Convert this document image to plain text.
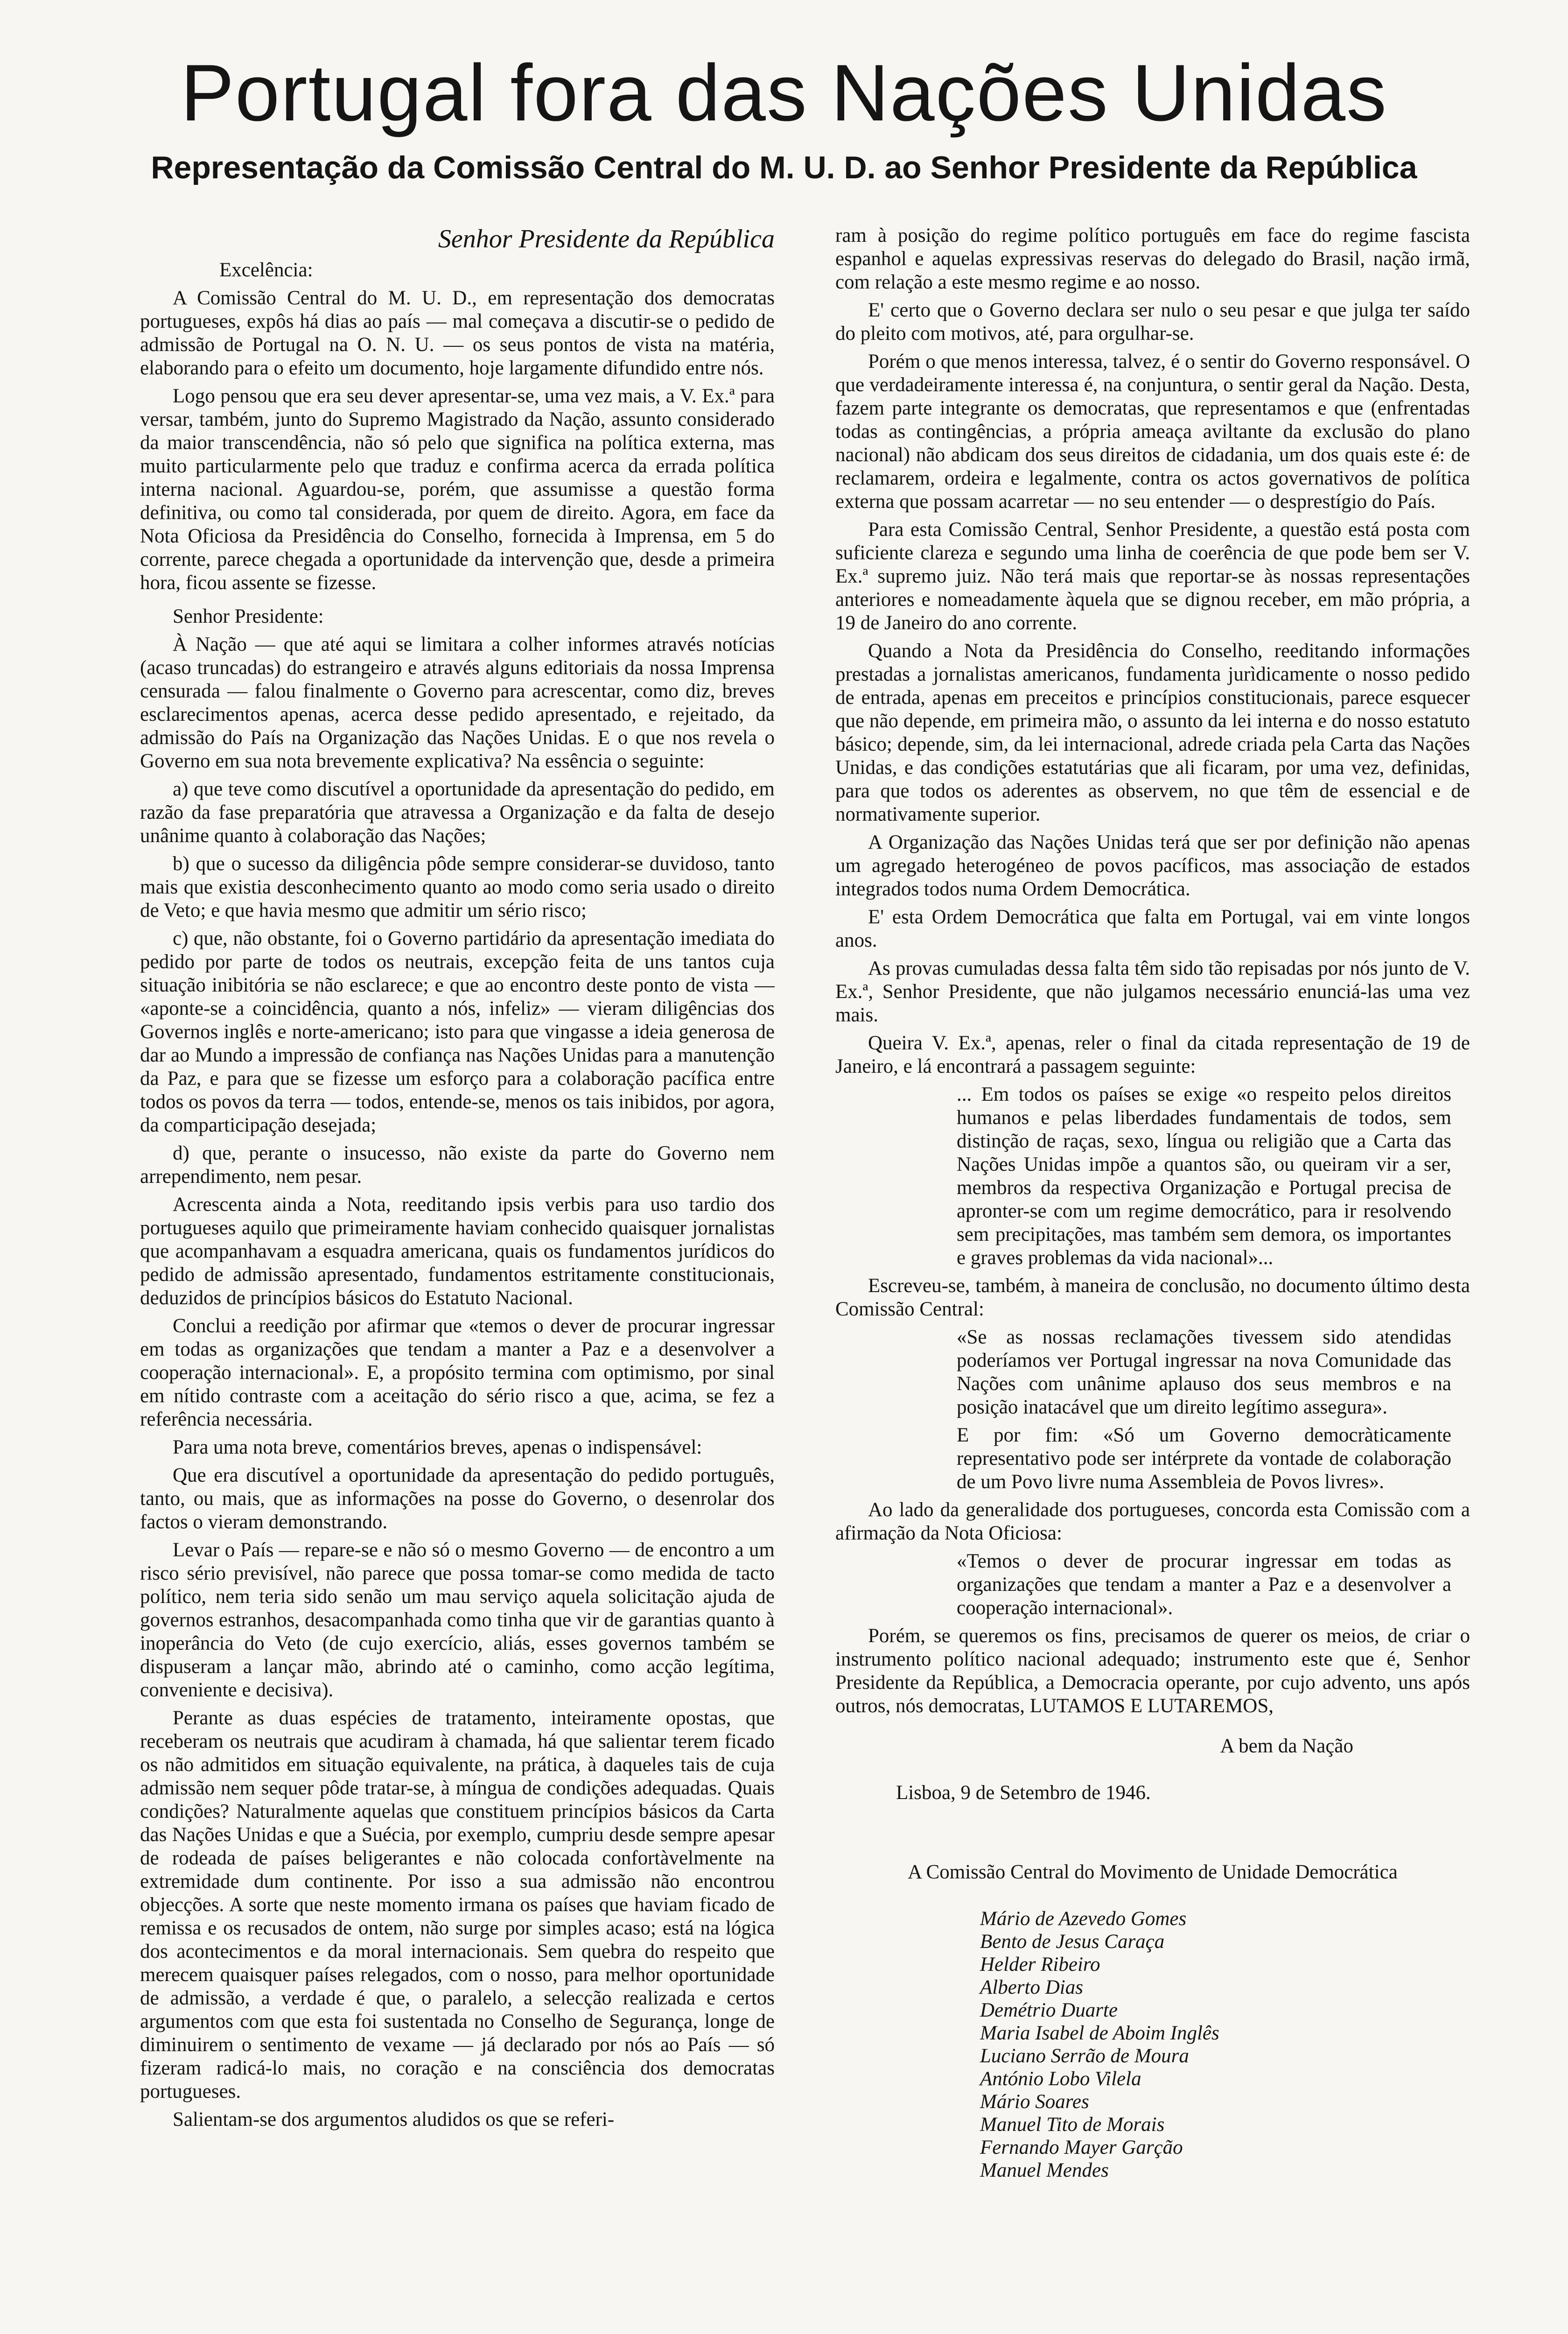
Portugal fora das Nações Unidas
Representação da Comissão Central do M. U. D. ao Senhor Presidente da República

Senhor Presidente da República

Excelência:

A Comissão Central do M. U. D., em representação dos democratas portugueses, expôs há dias ao país — mal começava a discutir-se o pedido de admissão de Portugal na O. N. U. — os seus pontos de vista na matéria, elaborando para o efeito um documento, hoje largamente difundido entre nós.

Logo pensou que era seu dever apresentar-se, uma vez mais, a V. Ex.ª para versar, também, junto do Supremo Magistrado da Nação, assunto considerado da maior transcendência, não só pelo que significa na política externa, mas muito particularmente pelo que traduz e confirma acerca da errada política interna nacional. Aguardou-se, porém, que assumisse a questão forma definitiva, ou como tal considerada, por quem de direito. Agora, em face da Nota Oficiosa da Presidência do Conselho, fornecida à Imprensa, em 5 do corrente, parece chegada a oportunidade da intervenção que, desde a primeira hora, ficou assente se fizesse.

Senhor Presidente:

À Nação — que até aqui se limitara a colher informes através notícias (acaso truncadas) do estrangeiro e através alguns editoriais da nossa Imprensa censurada — falou finalmente o Governo para acrescentar, como diz, breves esclarecimentos apenas, acerca desse pedido apresentado, e rejeitado, da admissão do País na Organização das Nações Unidas. E o que nos revela o Governo em sua nota brevemente explicativa? Na essência o seguinte:

a) que teve como discutível a oportunidade da apresentação do pedido, em razão da fase preparatória que atravessa a Organização e da falta de desejo unânime quanto à colaboração das Nações;

b) que o sucesso da diligência pôde sempre considerar-se duvidoso, tanto mais que existia desconhecimento quanto ao modo como seria usado o direito de Veto; e que havia mesmo que admitir um sério risco;

c) que, não obstante, foi o Governo partidário da apresentação imediata do pedido por parte de todos os neutrais, excepção feita de uns tantos cuja situação inibitória se não esclarece; e que ao encontro deste ponto de vista — «aponte-se a coincidência, quanto a nós, infeliz» — vieram diligências dos Governos inglês e norte-americano; isto para que vingasse a ideia generosa de dar ao Mundo a impressão de confiança nas Nações Unidas para a manutenção da Paz, e para que se fizesse um esforço para a colaboração pacífica entre todos os povos da terra — todos, entende-se, menos os tais inibidos, por agora, da comparticipação desejada;

d) que, perante o insucesso, não existe da parte do Governo nem arrependimento, nem pesar.

Acrescenta ainda a Nota, reeditando ipsis verbis para uso tardio dos portugueses aquilo que primeiramente haviam conhecido quaisquer jornalistas que acompanhavam a esquadra americana, quais os fundamentos jurídicos do pedido de admissão apresentado, fundamentos estritamente constitucionais, deduzidos de princípios básicos do Estatuto Nacional.

Conclui a reedição por afirmar que «temos o dever de procurar ingressar em todas as organizações que tendam a manter a Paz e a desenvolver a cooperação internacional». E, a propósito termina com optimismo, por sinal em nítido contraste com a aceitação do sério risco a que, acima, se fez a referência necessária.

Para uma nota breve, comentários breves, apenas o indispensável:

Que era discutível a oportunidade da apresentação do pedido português, tanto, ou mais, que as informações na posse do Governo, o desenrolar dos factos o vieram demonstrando.

Levar o País — repare-se e não só o mesmo Governo — de encontro a um risco sério previsível, não parece que possa tomar-se como medida de tacto político, nem teria sido senão um mau serviço aquela solicitação ajuda de governos estranhos, desacompanhada como tinha que vir de garantias quanto à inoperância do Veto (de cujo exercício, aliás, esses governos também se dispuseram a lançar mão, abrindo até o caminho, como acção legítima, conveniente e decisiva).

Perante as duas espécies de tratamento, inteiramente opostas, que receberam os neutrais que acudiram à chamada, há que salientar terem ficado os não admitidos em situação equivalente, na prática, à daqueles tais de cuja admissão nem sequer pôde tratar-se, à míngua de condições adequadas. Quais condições? Naturalmente aquelas que constituem princípios básicos da Carta das Nações Unidas e que a Suécia, por exemplo, cumpriu desde sempre apesar de rodeada de países beligerantes e não colocada confortàvelmente na extremidade dum continente. Por isso a sua admissão não encontrou objecções. A sorte que neste momento irmana os países que haviam ficado de remissa e os recusados de ontem, não surge por simples acaso; está na lógica dos acontecimentos e da moral internacionais. Sem quebra do respeito que merecem quaisquer países relegados, com o nosso, para melhor oportunidade de admissão, a verdade é que, o paralelo, a selecção realizada e certos argumentos com que esta foi sustentada no Conselho de Segurança, longe de diminuirem o sentimento de vexame — já declarado por nós ao País — só fizeram radicá-lo mais, no coração e na consciência dos democratas portugueses.

Salientam-se dos argumentos aludidos os que se referi-

ram à posição do regime político português em face do regime fascista espanhol e aquelas expressivas reservas do delegado do Brasil, nação irmã, com relação a este mesmo regime e ao nosso.

E' certo que o Governo declara ser nulo o seu pesar e que julga ter saído do pleito com motivos, até, para orgulhar-se.

Porém o que menos interessa, talvez, é o sentir do Governo responsável. O que verdadeiramente interessa é, na conjuntura, o sentir geral da Nação. Desta, fazem parte integrante os democratas, que representamos e que (enfrentadas todas as contingências, a própria ameaça aviltante da exclusão do plano nacional) não abdicam dos seus direitos de cidadania, um dos quais este é: de reclamarem, ordeira e legalmente, contra os actos governativos de política externa que possam acarretar — no seu entender — o desprestígio do País.

Para esta Comissão Central, Senhor Presidente, a questão está posta com suficiente clareza e segundo uma linha de coerência de que pode bem ser V. Ex.ª supremo juiz. Não terá mais que reportar-se às nossas representações anteriores e nomeadamente àquela que se dignou receber, em mão própria, a 19 de Janeiro do ano corrente.

Quando a Nota da Presidência do Conselho, reeditando informações prestadas a jornalistas americanos, fundamenta jurìdicamente o nosso pedido de entrada, apenas em preceitos e princípios constitucionais, parece esquecer que não depende, em primeira mão, o assunto da lei interna e do nosso estatuto básico; depende, sim, da lei internacional, adrede criada pela Carta das Nações Unidas, e das condições estatutárias que ali ficaram, por uma vez, definidas, para que todos os aderentes as observem, no que têm de essencial e de normativamente superior.

A Organização das Nações Unidas terá que ser por definição não apenas um agregado heterogéneo de povos pacíficos, mas associação de estados integrados todos numa Ordem Democrática.

E' esta Ordem Democrática que falta em Portugal, vai em vinte longos anos.

As provas cumuladas dessa falta têm sido tão repisadas por nós junto de V. Ex.ª, Senhor Presidente, que não julgamos necessário enunciá-las uma vez mais.

Queira V. Ex.ª, apenas, reler o final da citada representação de 19 de Janeiro, e lá encontrará a passagem seguinte:

... Em todos os países se exige «o respeito pelos direitos humanos e pelas liberdades fundamentais de todos, sem distinção de raças, sexo, língua ou religião que a Carta das Nações Unidas impõe a quantos são, ou queiram vir a ser, membros da respectiva Organização e Portugal precisa de apronter-se com um regime democrático, para ir resolvendo sem precipitações, mas também sem demora, os importantes e graves problemas da vida nacional»...

Escreveu-se, também, à maneira de conclusão, no documento último desta Comissão Central:

«Se as nossas reclamações tivessem sido atendidas poderíamos ver Portugal ingressar na nova Comunidade das Nações com unânime aplauso dos seus membros e na posição inatacável que um direito legítimo assegura».

E por fim: «Só um Governo democràticamente representativo pode ser intérprete da vontade de colaboração de um Povo livre numa Assembleia de Povos livres».

Ao lado da generalidade dos portugueses, concorda esta Comissão com a afirmação da Nota Oficiosa:

«Temos o dever de procurar ingressar em todas as organizações que tendam a manter a Paz e a desenvolver a cooperação internacional».

Porém, se queremos os fins, precisamos de querer os meios, de criar o instrumento político nacional adequado; instrumento este que é, Senhor Presidente da República, a Democracia operante, por cujo advento, uns após outros, nós democratas, LUTAMOS E LUTAREMOS,

A bem da Nação

Lisboa, 9 de Setembro de 1946.

A Comissão Central do Movimento de Unidade Democrática

Mário de Azevedo Gomes
Bento de Jesus Caraça
Helder Ribeiro
Alberto Dias
Demétrio Duarte
Maria Isabel de Aboim Inglês
Luciano Serrão de Moura
António Lobo Vilela
Mário Soares
Manuel Tito de Morais
Fernando Mayer Garção
Manuel Mendes
